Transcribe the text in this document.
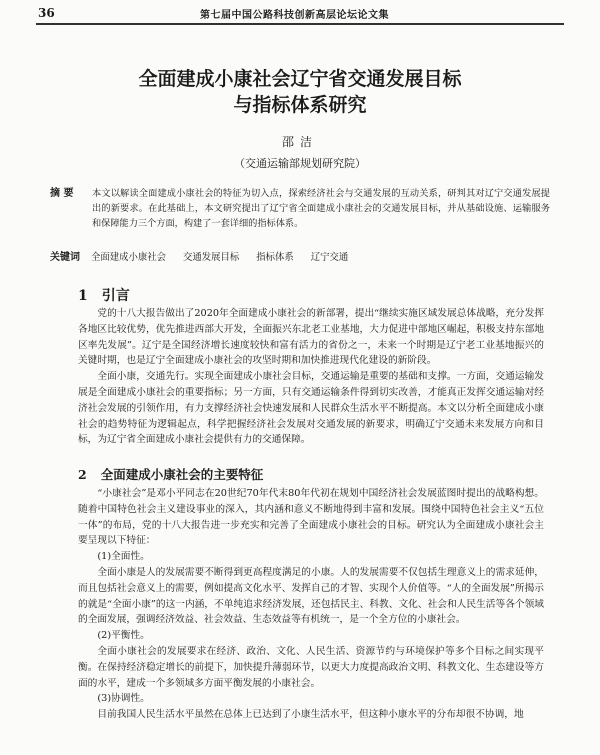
36	第七届中国公路科技创新高层论坛论文集
全面建成小康社会辽宁省交通发展目标
与指标体系研究
邵洁
（交通运输部规划研究院）
摘 要 本文以解读全面建成小康社会的特征为切入点，探索经济社会与交通发展的互动关系，研判其对辽宁交通发展提出的新要求。在此基础上，本文研究提出了辽宁省全面建成小康社会的交通发展目标，并从基础设施、运输服务和保障能力三个方面，构建了一套详细的指标体系。
关键词 全面建成小康社会 交通发展目标 指标体系 辽宁交通
1 引言

党的十八大报告做出了2020年全面建成小康社会的新部署，提出“继续实施区域发展总体战略，充分发挥各地区比较优势，优先推进西部大开发，全面振兴东北老工业基地，大力促进中部地区崛起，积极支持东部地区率先发展”。辽宁是全国经济增长速度较快和富有活力的省份之一，未来一个时期是辽宁老工业基地振兴的关键时期，也是辽宁全面建成小康社会的攻坚时期和加快推进现代化建设的新阶段。

全面小康，交通先行。实现全面建成小康社会目标，交通运输是重要的基础和支撑。一方面，交通运输发展是全面建成小康社会的重要指标；另一方面，只有交通运输条件得到切实改善，才能真正发挥交通运输对经济社会发展的引领作用，有力支撑经济社会快速发展和人民群众生活水平不断提高。本文以分析全面建成小康社会的趋势特征为逻辑起点，科学把握经济社会发展对交通发展的新要求，明确辽宁交通未来发展方向和目标，为辽宁省全面建成小康社会提供有力的交通保障。

2 全面建成小康社会的主要特征

“小康社会”是邓小平同志在20世纪70年代末80年代初在规划中国经济社会发展蓝图时提出的战略构想。随着中国特色社会主义建设事业的深入，其内涵和意义不断地得到丰富和发展。围绕中国特色社会主义“五位一体”的布局，党的十八大报告进一步充实和完善了全面建成小康社会的目标。研究认为全面建成小康社会主要呈现以下特征：

(1)全面性。

全面小康是人的发展需要不断得到更高程度满足的小康。人的发展需要不仅包括生理意义上的需求延伸，而且包括社会意义上的需要，例如提高文化水平、发挥自己的才智、实现个人价值等。“人的全面发展”所揭示的就是“全面小康”的这一内涵，不单纯追求经济发展，还包括民主、科教、文化、社会和人民生活等各个领域的全面发展，强调经济效益、社会效益、生态效益等有机统一，是一个全方位的小康社会。

(2)平衡性。

全面小康社会的发展要求在经济、政治、文化、人民生活、资源节约与环境保护等多个目标之间实现平衡。在保持经济稳定增长的前提下，加快提升薄弱环节，以更大力度提高政治文明、科教文化、生态建设等方面的水平，建成一个多领域多方面平衡发展的小康社会。

(3)协调性。

目前我国人民生活水平虽然在总体上已达到了小康生活水平，但这种小康水平的分布却很不协调，地
